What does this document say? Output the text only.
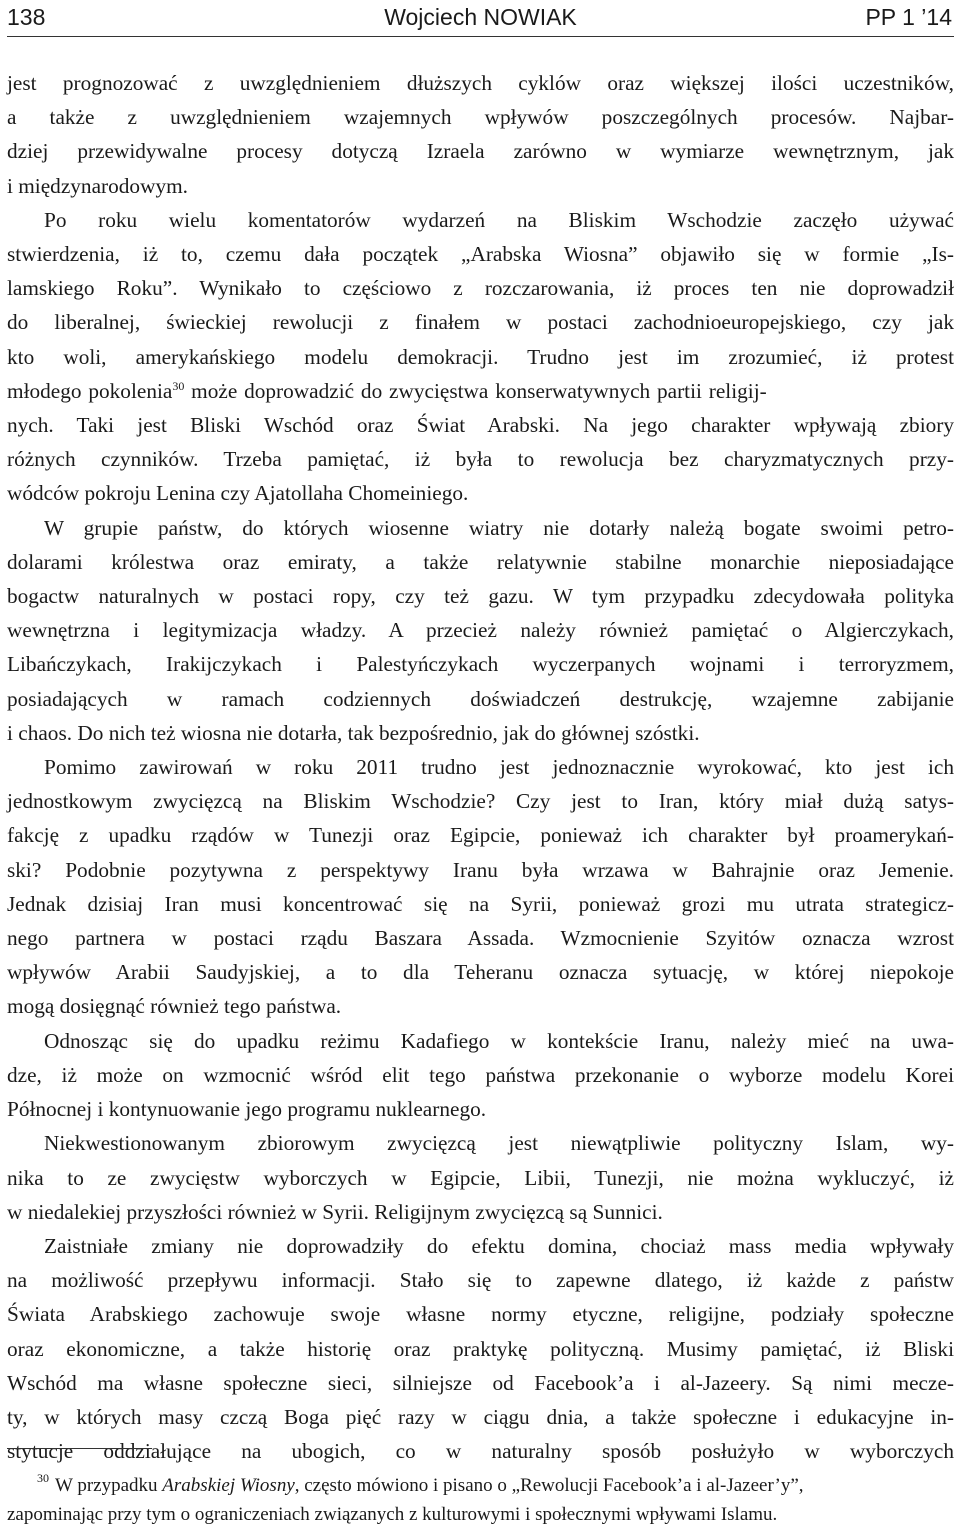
138	Wojciech NOWIAK	PP 1 ’14
jest prognozować z uwzględnieniem dłuższych cyklów oraz większej ilości uczestników,
a także z uwzględnieniem wzajemnych wpływów poszczególnych procesów. Najbar-
dziej przewidywalne procesy dotyczą Izraela zarówno w wymiarze wewnętrznym, jak
i międzynarodowym.
Po roku wielu komentatorów wydarzeń na Bliskim Wschodzie zaczęło używać
stwierdzenia, iż to, czemu dała początek „Arabska Wiosna” objawiło się w formie „Is-
lamskiego Roku”. Wynikało to częściowo z rozczarowania, iż proces ten nie doprowadził
do liberalnej, świeckiej rewolucji z finałem w postaci zachodnioeuropejskiego, czy jak
kto woli, amerykańskiego modelu demokracji. Trudno jest im zrozumieć, iż protest
młodego pokolenia$^{30}$ może doprowadzić do zwycięstwa konserwatywnych partii religij-
nych. Taki jest Bliski Wschód oraz Świat Arabski. Na jego charakter wpływają zbiory
różnych czynników. Trzeba pamiętać, iż była to rewolucja bez charyzmatycznych przy-
wódców pokroju Lenina czy Ajatollaha Chomeiniego.
W grupie państw, do których wiosenne wiatry nie dotarły należą bogate swoimi petro-
dolarami królestwa oraz emiraty, a także relatywnie stabilne monarchie nieposiadające
bogactw naturalnych w postaci ropy, czy też gazu. W tym przypadku zdecydowała polityka
wewnętrzna i legitymizacja władzy. A przecież należy również pamiętać o Algierczykach,
Libańczykach, Irakijczykach i Palestyńczykach wyczerpanych wojnami i terroryzmem,
posiadających w ramach codziennych doświadczeń destrukcję, wzajemne zabijanie
i chaos. Do nich też wiosna nie dotarła, tak bezpośrednio, jak do głównej szóstki.
Pomimo zawirowań w roku 2011 trudno jest jednoznacznie wyrokować, kto jest ich
jednostkowym zwycięzcą na Bliskim Wschodzie? Czy jest to Iran, który miał dużą satys-
fakcję z upadku rządów w Tunezji oraz Egipcie, ponieważ ich charakter był proamerykań-
ski? Podobnie pozytywna z perspektywy Iranu była wrzawa w Bahrajnie oraz Jemenie.
Jednak dzisiaj Iran musi koncentrować się na Syrii, ponieważ grozi mu utrata strategicz-
nego partnera w postaci rządu Baszara Assada. Wzmocnienie Szyitów oznacza wzrost
wpływów Arabii Saudyjskiej, a to dla Teheranu oznacza sytuację, w której niepokoje
mogą dosięgnąć również tego państwa.
Odnosząc się do upadku reżimu Kadafiego w kontekście Iranu, należy mieć na uwa-
dze, iż może on wzmocnić wśród elit tego państwa przekonanie o wyborze modelu Korei
Północnej i kontynuowanie jego programu nuklearnego.
Niekwestionowanym zbiorowym zwycięzcą jest niewątpliwie polityczny Islam, wy-
nika to ze zwycięstw wyborczych w Egipcie, Libii, Tunezji, nie można wykluczyć, iż
w niedalekiej przyszłości również w Syrii. Religijnym zwycięzcą są Sunnici.
Zaistniałe zmiany nie doprowadziły do efektu domina, chociaż mass media wpływały
na możliwość przepływu informacji. Stało się to zapewne dlatego, iż każde z państw
Świata Arabskiego zachowuje swoje własne normy etyczne, religijne, podziały społeczne
oraz ekonomiczne, a także historię oraz praktykę polityczną. Musimy pamiętać, iż Bliski
Wschód ma własne społeczne sieci, silniejsze od Facebook’a i al-Jazeery. Są nimi meczе-
ty, w których masy czczą Boga pięć razy w ciągu dnia, a także społeczne i edukacyjne in-
stytucje oddziałujące na ubogich, co w naturalny sposób posłużyło w wyborczych
$^{30}$ W przypadku Arabskiej Wiosny, często mówiono i pisano o „Rewolucji Facebook’a i al-Jazeer’y”,
zapominając przy tym o ograniczeniach związanych z kulturowymi i społecznymi wpływami Islamu.
